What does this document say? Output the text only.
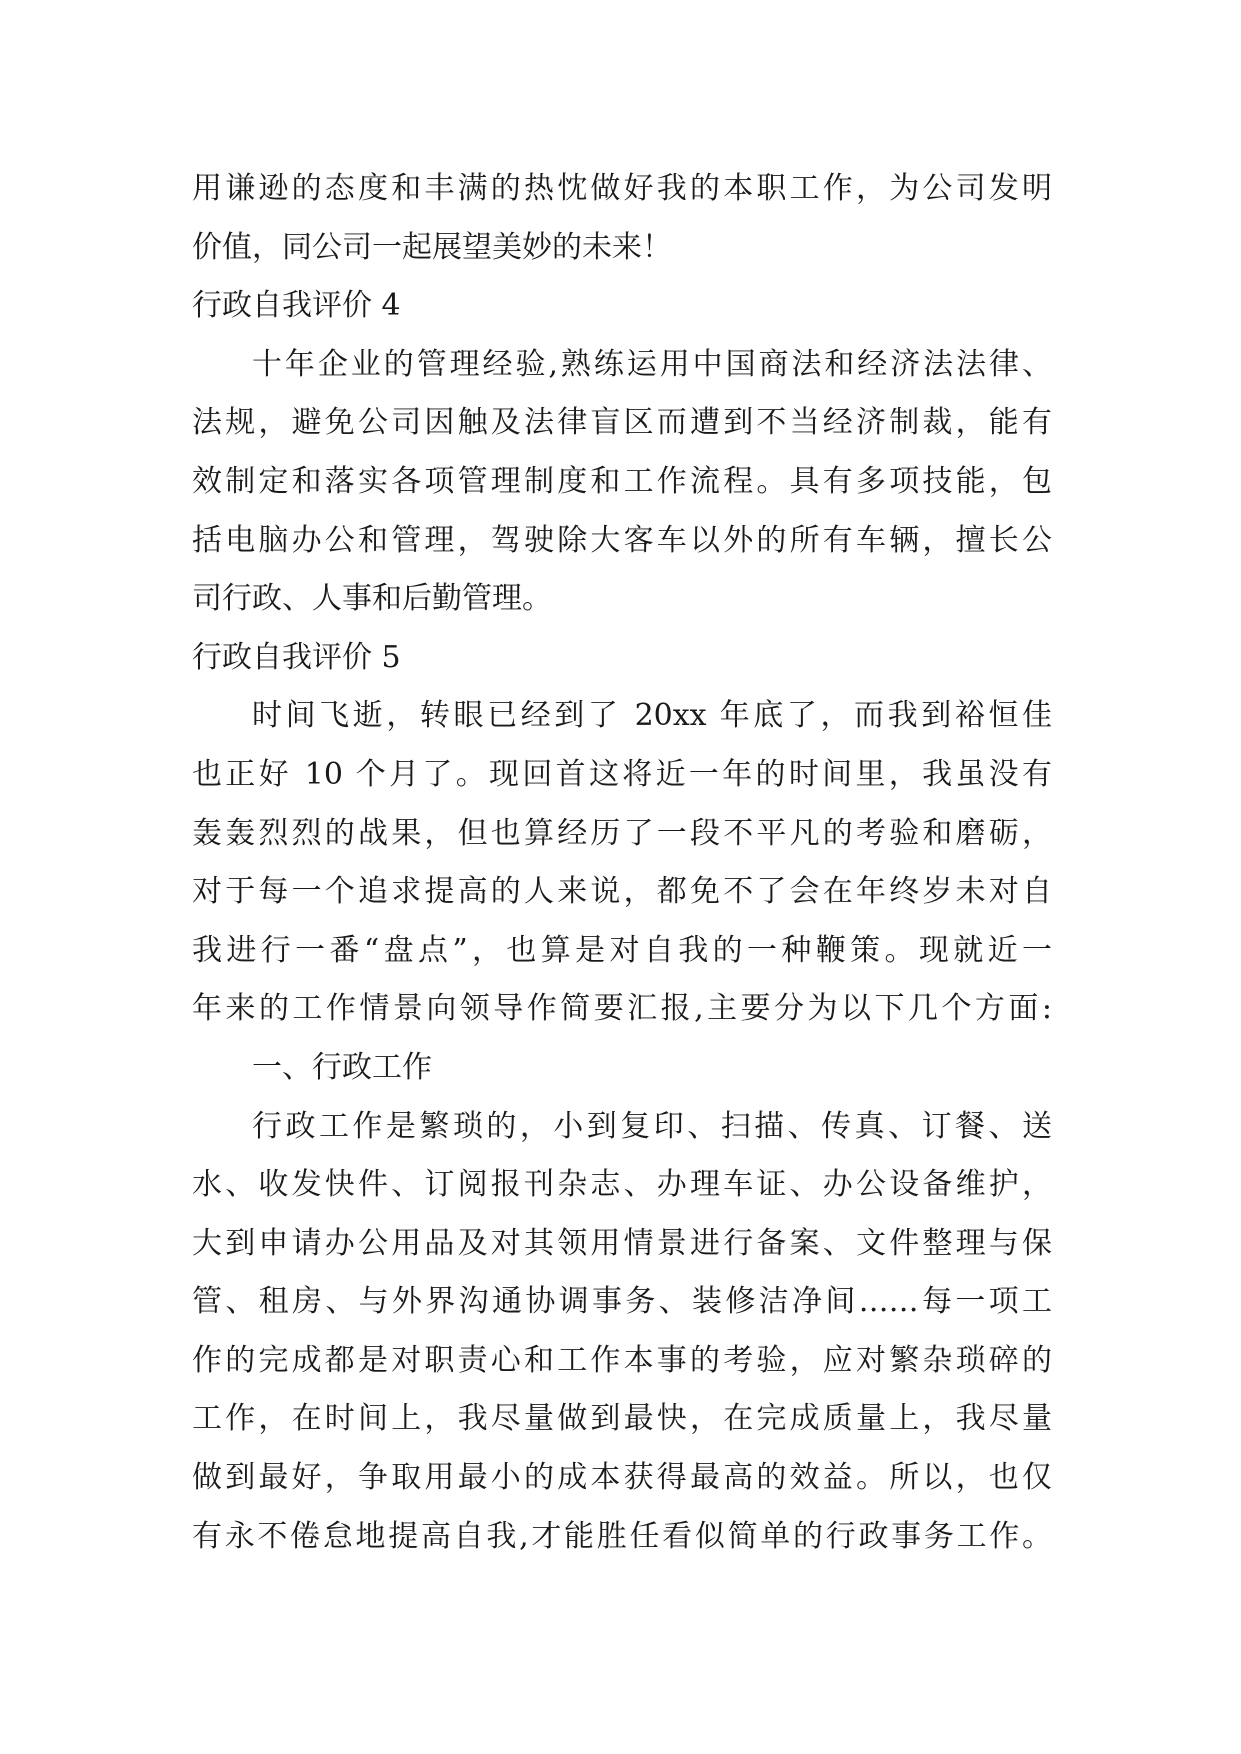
用谦逊的态度和丰满的热忱做好我的本职工作，为公司发明
价值，同公司一起展望美妙的未来！
行政自我评价 4
十年企业的管理经验,熟练运用中国商法和经济法法律、
法规，避免公司因触及法律盲区而遭到不当经济制裁，能有
效制定和落实各项管理制度和工作流程。具有多项技能，包
括电脑办公和管理，驾驶除大客车以外的所有车辆，擅长公
司行政、人事和后勤管理。
行政自我评价 5
时间飞逝，转眼已经到了 20xx 年底了，而我到裕恒佳
也正好 10 个月了。现回首这将近一年的时间里，我虽没有
轰轰烈烈的战果，但也算经历了一段不平凡的考验和磨砺，
对于每一个追求提高的人来说，都免不了会在年终岁未对自
我进行一番“盘点”，也算是对自我的一种鞭策。现就近一
年来的工作情景向领导作简要汇报,主要分为以下几个方面:
一、行政工作
行政工作是繁琐的，小到复印、扫描、传真、订餐、送
水、收发快件、订阅报刊杂志、办理车证、办公设备维护，
大到申请办公用品及对其领用情景进行备案、文件整理与保
管、租房、与外界沟通协调事务、装修洁净间……每一项工
作的完成都是对职责心和工作本事的考验，应对繁杂琐碎的
工作，在时间上，我尽量做到最快，在完成质量上，我尽量
做到最好，争取用最小的成本获得最高的效益。所以，也仅
有永不倦怠地提高自我,才能胜任看似简单的行政事务工作。
